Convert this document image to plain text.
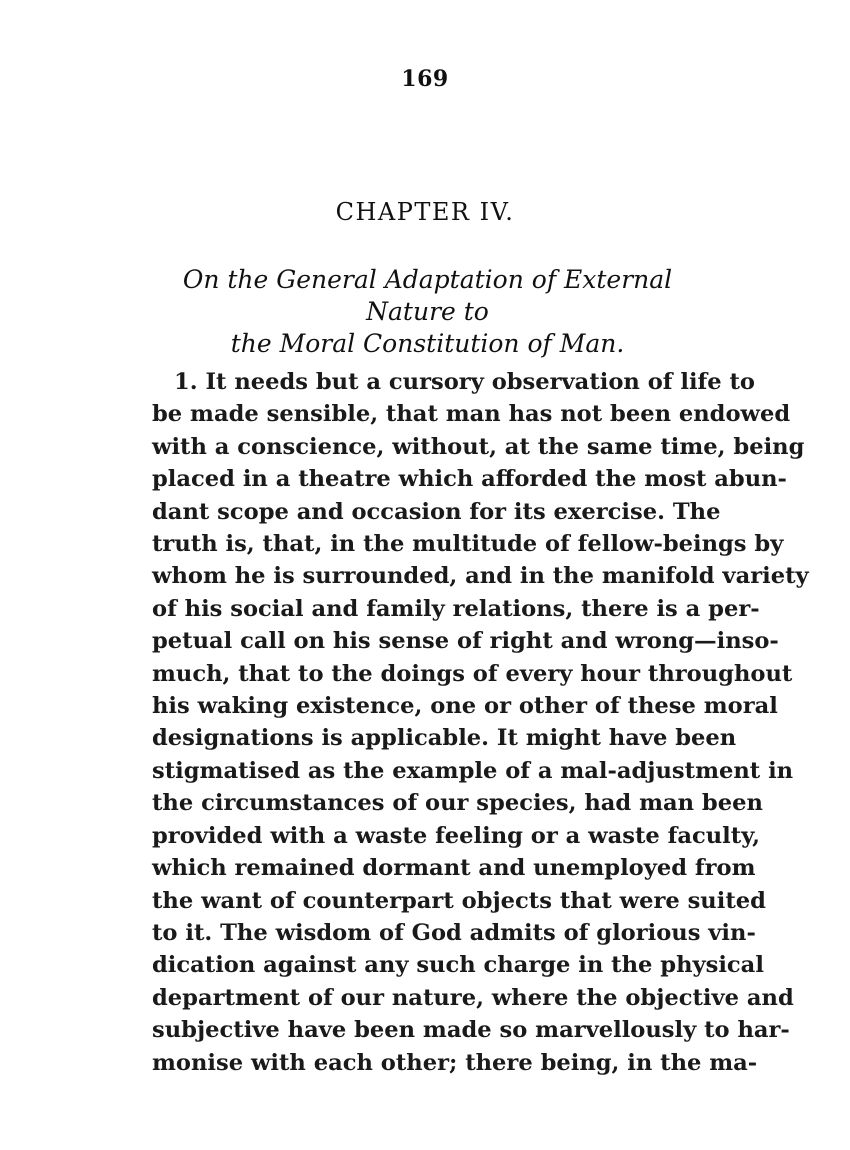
169
CHAPTER IV.
On the General Adaptation of External Nature to
the Moral Constitution of Man.
1. It needs but a cursory observation of life to
be made sensible, that man has not been endowed
with a conscience, without, at the same time, being
placed in a theatre which afforded the most abun-
dant scope and occasion for its exercise. The
truth is, that, in the multitude of fellow-beings by
whom he is surrounded, and in the manifold variety
of his social and family relations, there is a per-
petual call on his sense of right and wrong—inso-
much, that to the doings of every hour throughout
his waking existence, one or other of these moral
designations is applicable. It might have been
stigmatised as the example of a mal-adjustment in
the circumstances of our species, had man been
provided with a waste feeling or a waste faculty,
which remained dormant and unemployed from
the want of counterpart objects that were suited
to it. The wisdom of God admits of glorious vin-
dication against any such charge in the physical
department of our nature, where the objective and
subjective have been made so marvellously to har-
monise with each other; there being, in the ma-
